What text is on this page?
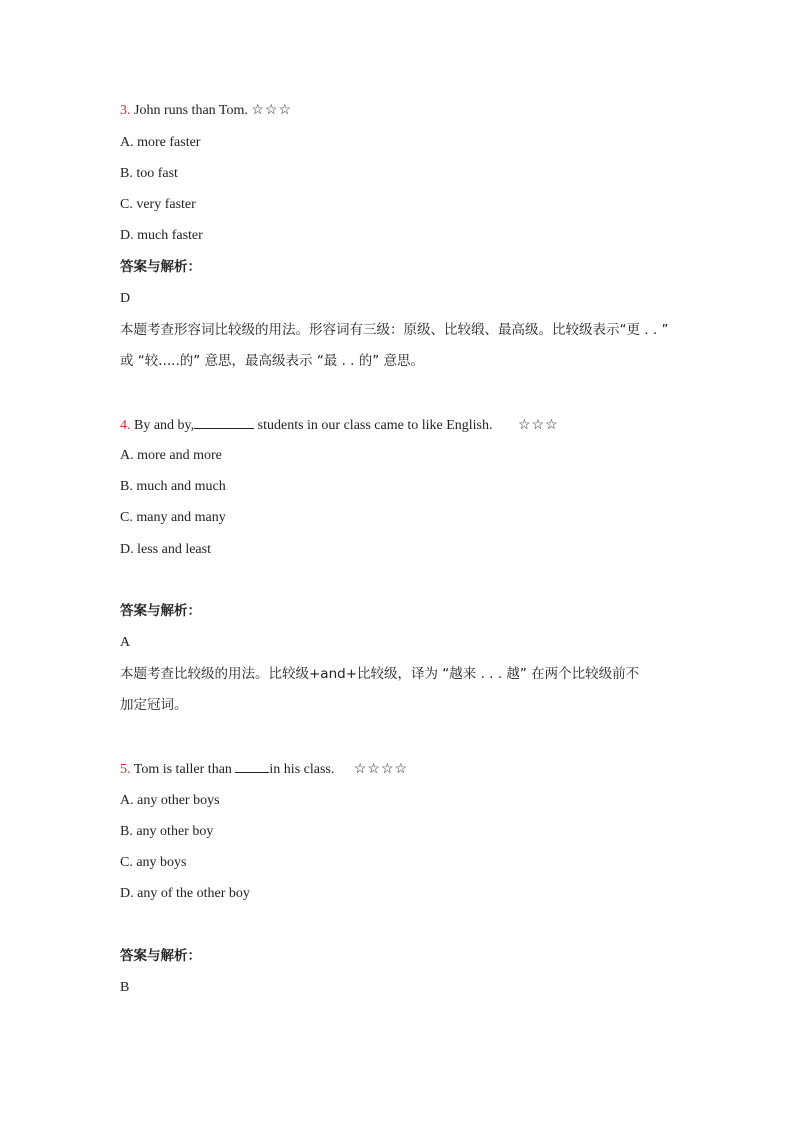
3. John runs than Tom. ☆☆☆
A. more faster
B. too fast
C. very faster
D. much faster
答案与解析：
D
本题考查形容词比较级的用法。形容词有三级：原级、比较缎、最高级。比较级表示“更 . . ”
或 “较.....的” 意思，最高级表示 “最 . . 的” 意思。
4. By and by,	students in our class came to like English. ☆☆☆
A. more and more
B. much and much
C. many and many
D. less and least
答案与解析：
A
本题考查比较级的用法。比较级+and+比较级，译为 “越来 . . . 越” 在两个比较级前不
加定冠词。
5. Tom is taller than	in his class. ☆☆☆☆
A. any other boys
B. any other boy
C. any boys
D. any of the other boy
答案与解析：
B
